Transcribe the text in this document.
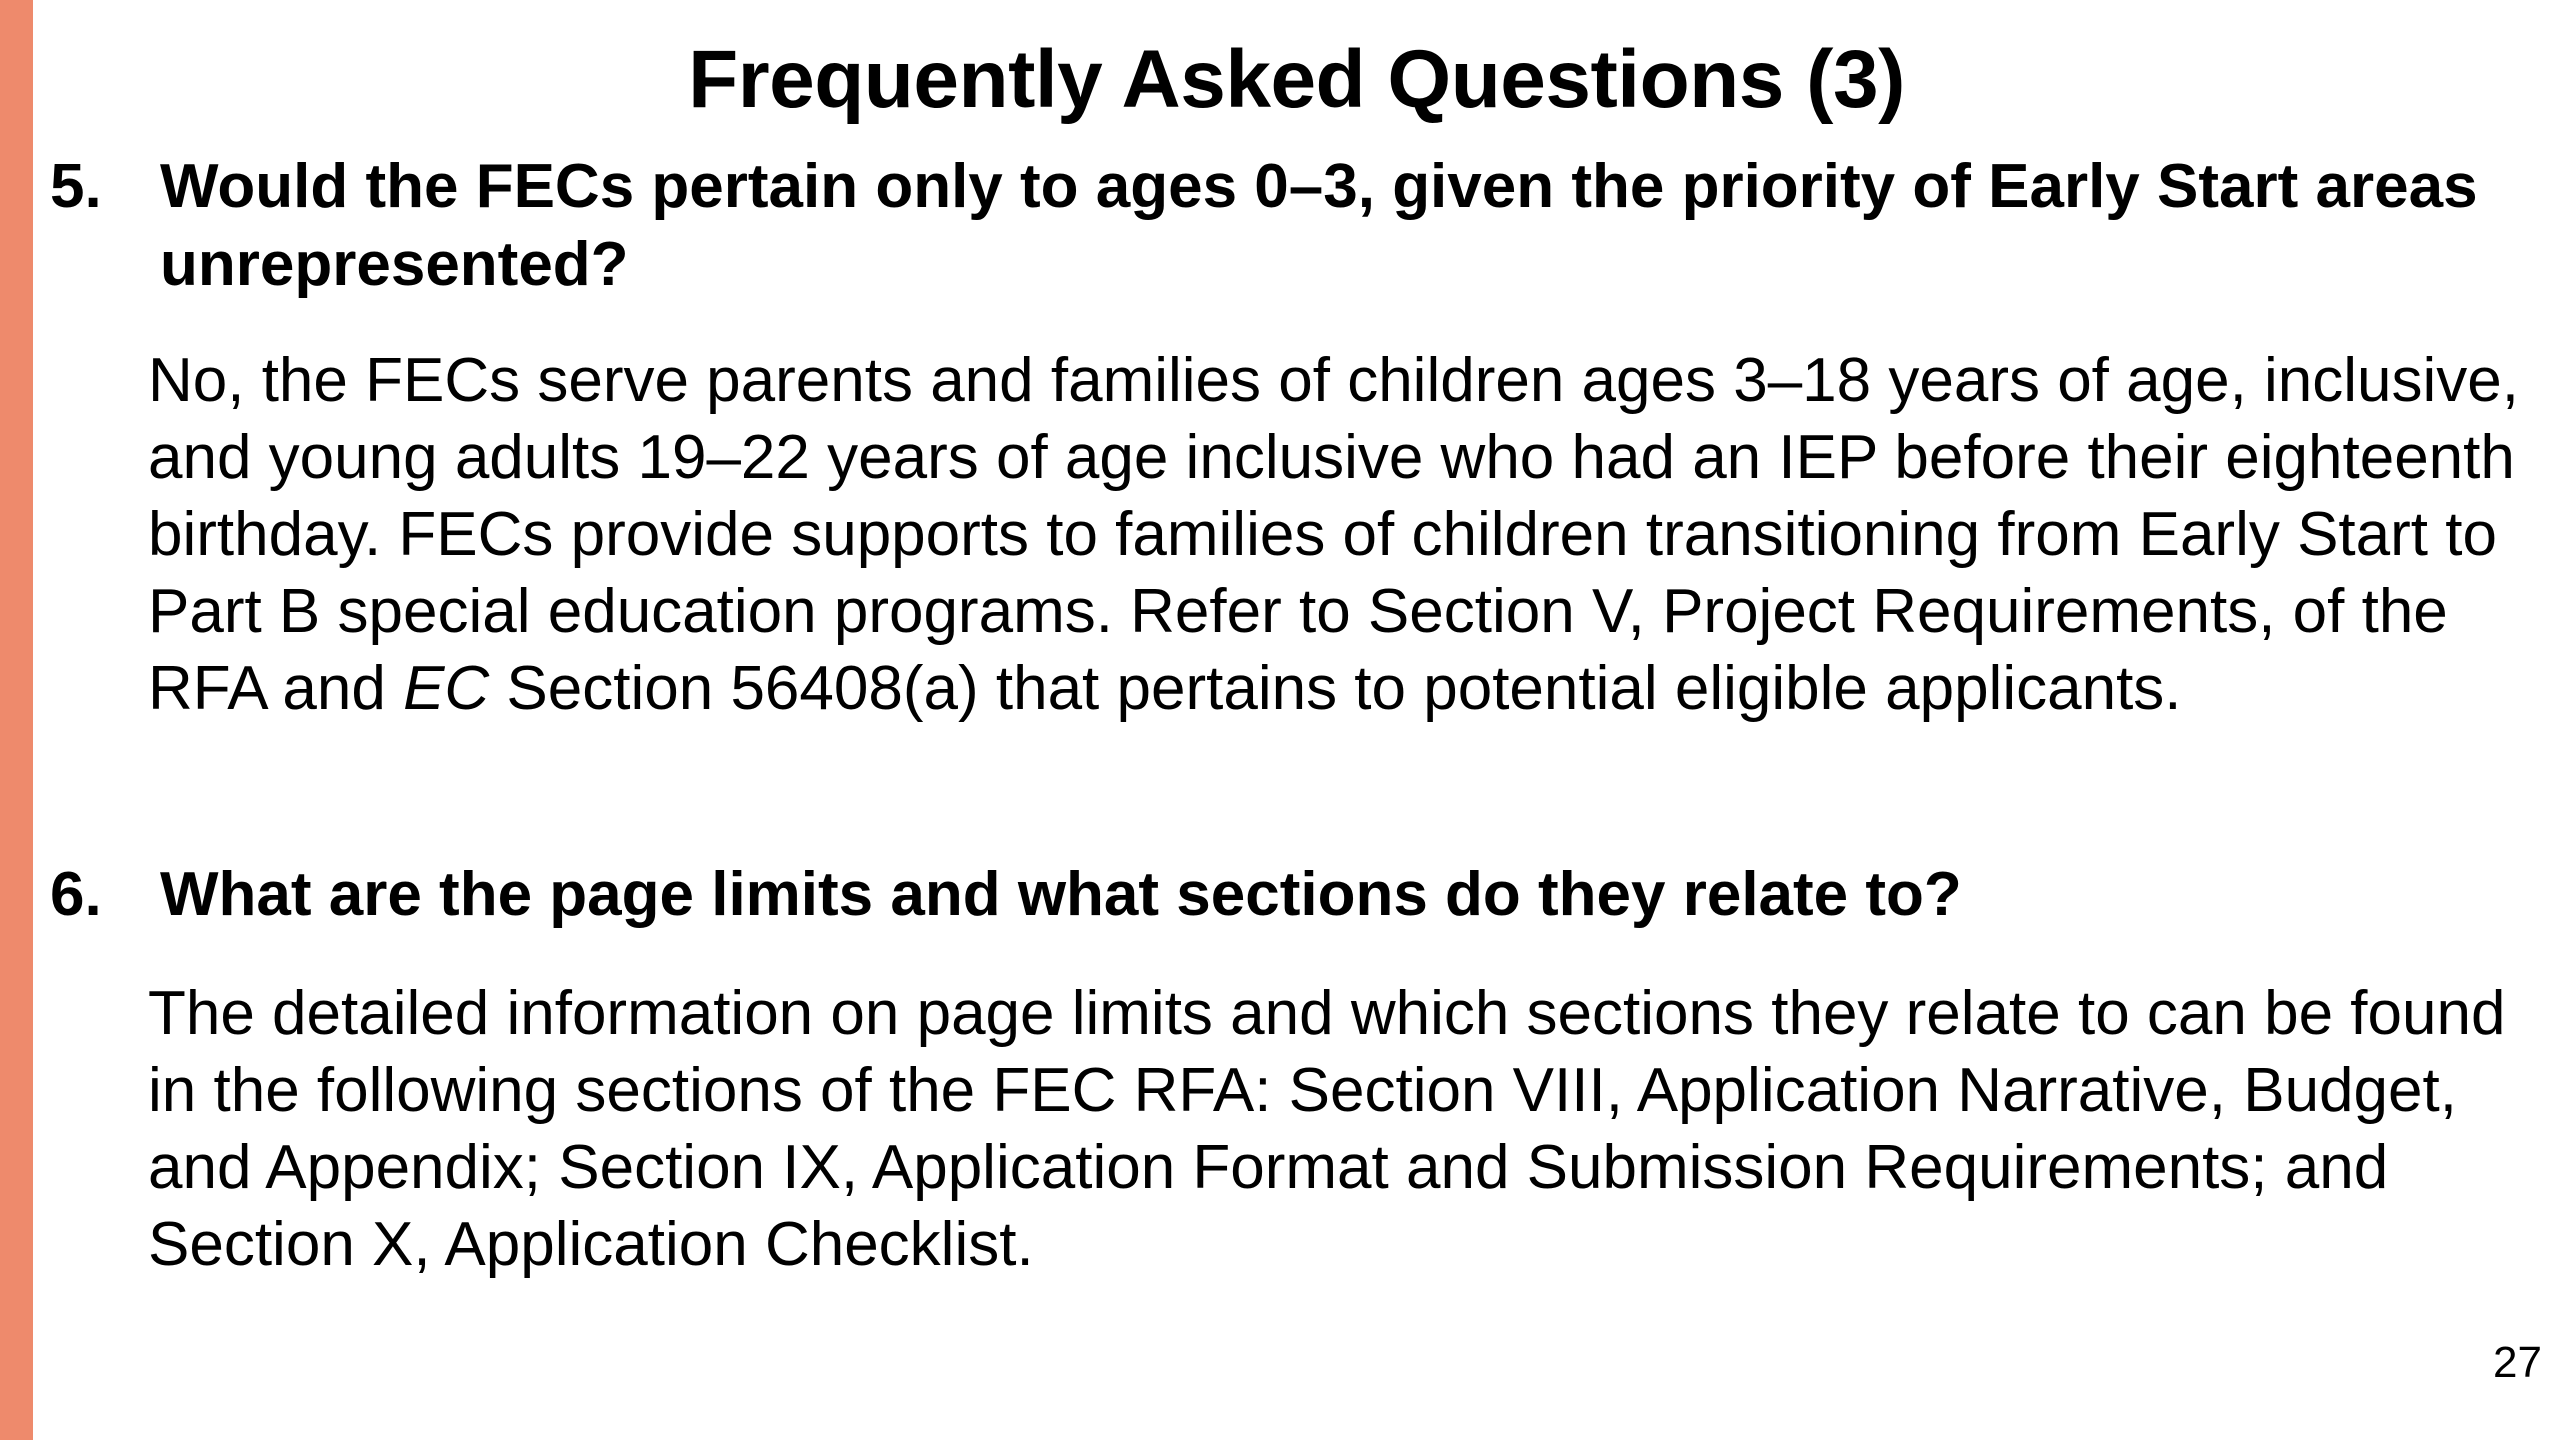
Frequently Asked Questions (3)
5. Would the FECs pertain only to ages 0–3, given the priority of Early Start areas unrepresented?
No, the FECs serve parents and families of children ages 3–18 years of age, inclusive, and young adults 19–22 years of age inclusive who had an IEP before their eighteenth birthday. FECs provide supports to families of children transitioning from Early Start to Part B special education programs. Refer to Section V, Project Requirements, of the RFA and EC Section 56408(a) that pertains to potential eligible applicants.
6. What are the page limits and what sections do they relate to?
The detailed information on page limits and which sections they relate to can be found in the following sections of the FEC RFA: Section VIII, Application Narrative, Budget, and Appendix; Section IX, Application Format and Submission Requirements; and Section X, Application Checklist.
27
